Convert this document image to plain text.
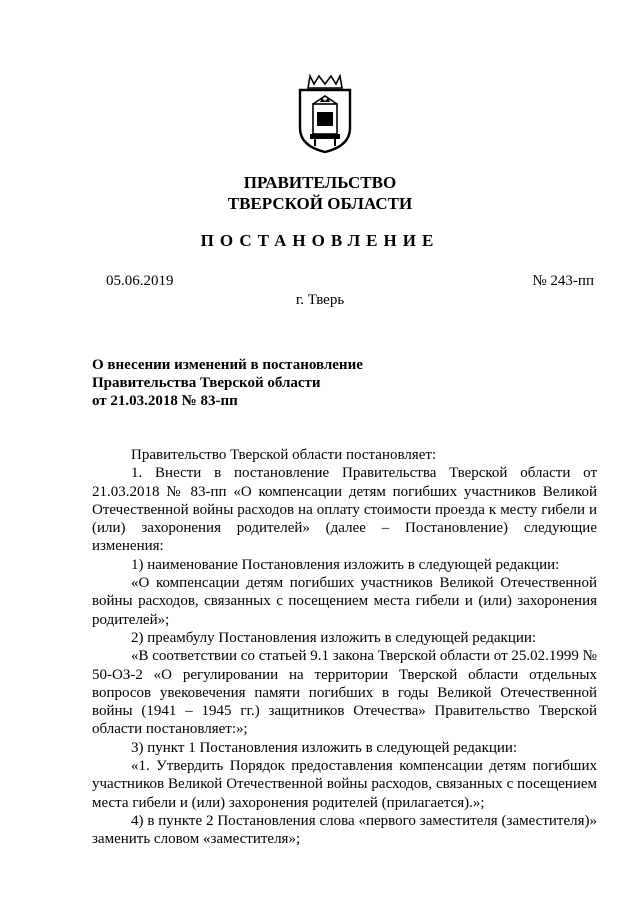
ПРАВИТЕЛЬСТВО
ТВЕРСКОЙ ОБЛАСТИ
ПОСТАНОВЛЕНИЕ
05.06.2019	№ 243-пп
г. Тверь
О внесении изменений в постановление
Правительства Тверской области
от 21.03.2018 № 83-пп

Правительство Тверской области постановляет:

1. Внести в постановление Правительства Тверской области от 21.03.2018 № 83-пп «О компенсации детям погибших участников Великой Отечественной войны расходов на оплату стоимости проезда к месту гибели и (или) захоронения родителей» (далее – Постановление) следующие изменения:

1) наименование Постановления изложить в следующей редакции:

«О компенсации детям погибших участников Великой Отечественной войны расходов, связанных с посещением места гибели и (или) захоронения родителей»;

2) преамбулу Постановления изложить в следующей редакции:

«В соответствии со статьей 9.1 закона Тверской области от 25.02.1999 № 50-ОЗ-2 «О регулировании на территории Тверской области отдельных вопросов увековечения памяти погибших в годы Великой Отечественной войны (1941 – 1945 гг.) защитников Отечества» Правительство Тверской области постановляет:»;

3) пункт 1 Постановления изложить в следующей редакции:

«1. Утвердить Порядок предоставления компенсации детям погибших участников Великой Отечественной войны расходов, связанных с посещением места гибели и (или) захоронения родителей (прилагается).»;

4) в пункте 2 Постановления слова «первого заместителя (заместителя)» заменить словом «заместителя»;
